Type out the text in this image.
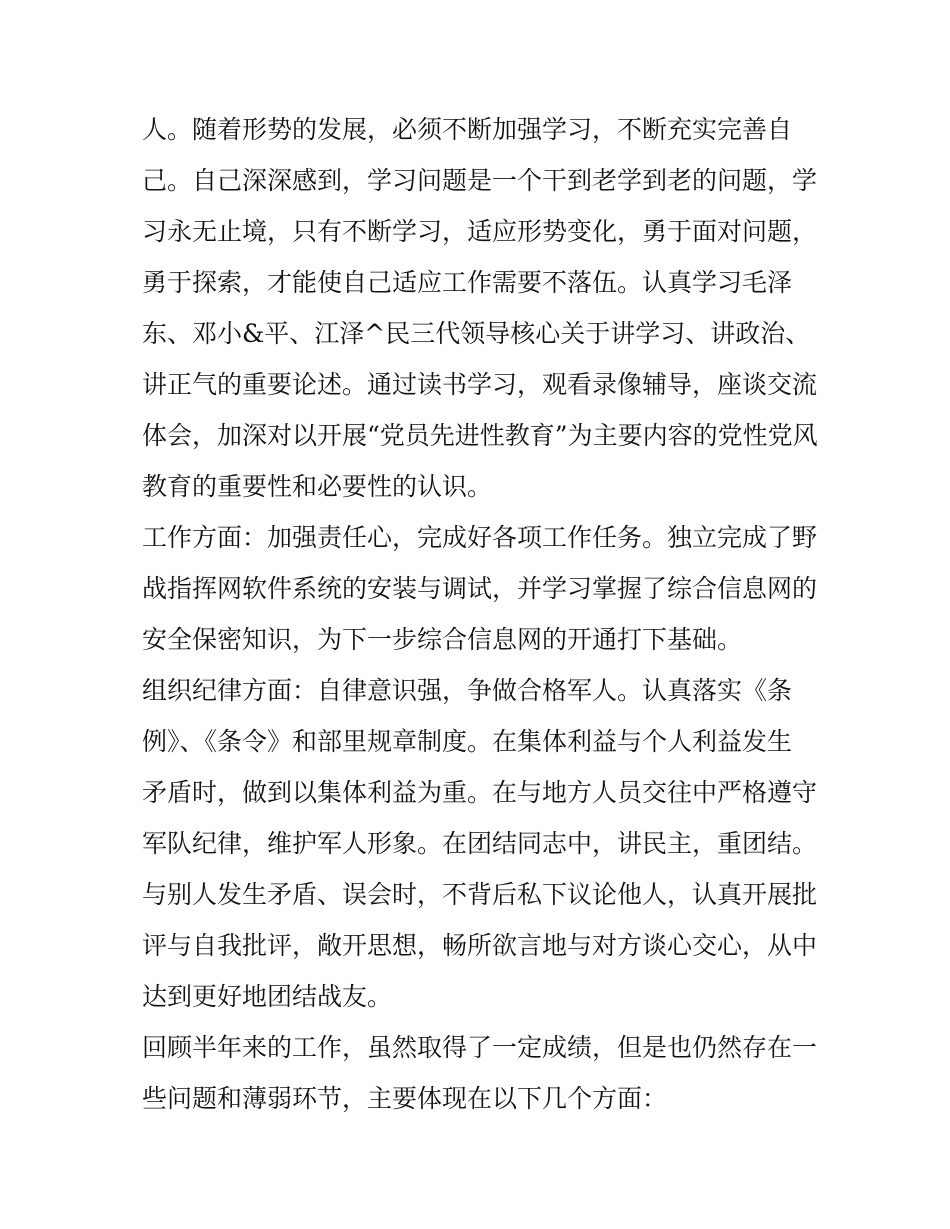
人。随着形势的发展，必须不断加强学习，不断充实完善自

己。自己深深感到，学习问题是一个干到老学到老的问题，学

习永无止境，只有不断学习，适应形势变化，勇于面对问题，

勇于探索，才能使自己适应工作需要不落伍。认真学习毛泽

东、邓小&平、江泽^民三代领导核心关于讲学习、讲政治、

讲正气的重要论述。通过读书学习，观看录像辅导，座谈交流

体会，加深对以开展“党员先进性教育”为主要内容的党性党风

教育的重要性和必要性的认识。

工作方面：加强责任心，完成好各项工作任务。独立完成了野

战指挥网软件系统的安装与调试，并学习掌握了综合信息网的

安全保密知识，为下一步综合信息网的开通打下基础。

组织纪律方面：自律意识强，争做合格军人。认真落实《条

例》、《条令》和部里规章制度。在集体利益与个人利益发生

矛盾时，做到以集体利益为重。在与地方人员交往中严格遵守

军队纪律，维护军人形象。在团结同志中，讲民主，重团结。

与别人发生矛盾、误会时，不背后私下议论他人，认真开展批

评与自我批评，敞开思想，畅所欲言地与对方谈心交心，从中

达到更好地团结战友。

回顾半年来的工作，虽然取得了一定成绩，但是也仍然存在一

些问题和薄弱环节，主要体现在以下几个方面：
